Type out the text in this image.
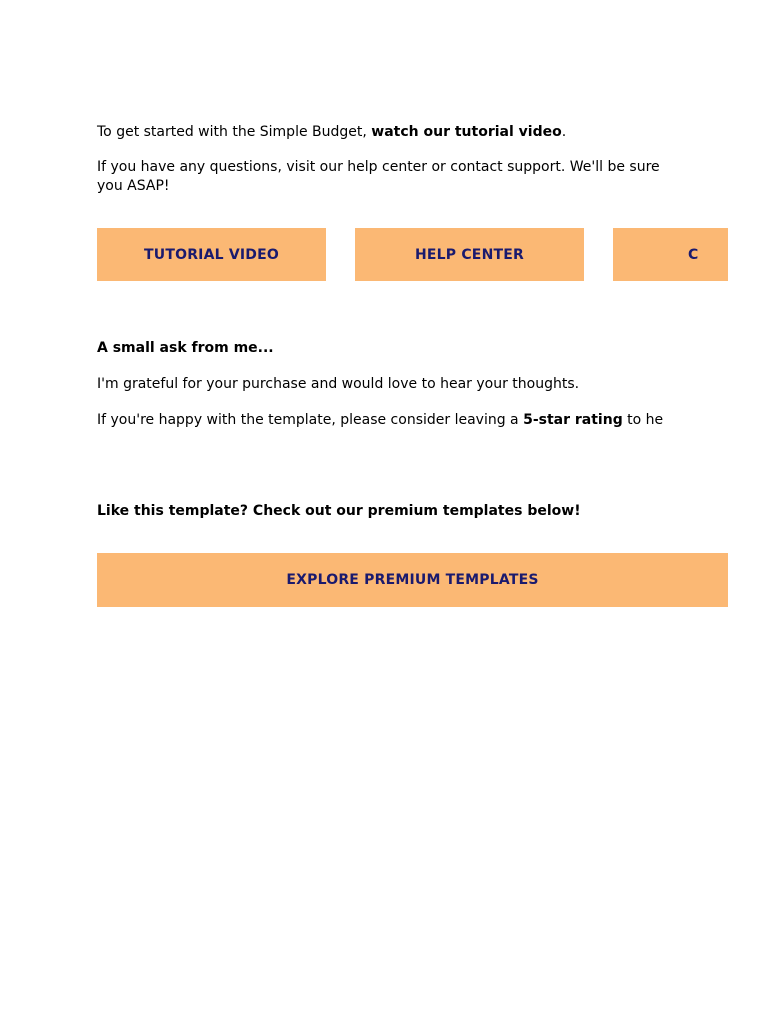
To get started with the Simple Budget, watch our tutorial video.
If you have any questions, visit our help center or contact support. We'll be sure
you ASAP!
TUTORIAL VIDEO	HELP CENTER	C
A small ask from me...
I'm grateful for your purchase and would love to hear your thoughts.
If you're happy with the template, please consider leaving a 5-star rating to he
Like this template? Check out our premium templates below!
EXPLORE PREMIUM TEMPLATES
